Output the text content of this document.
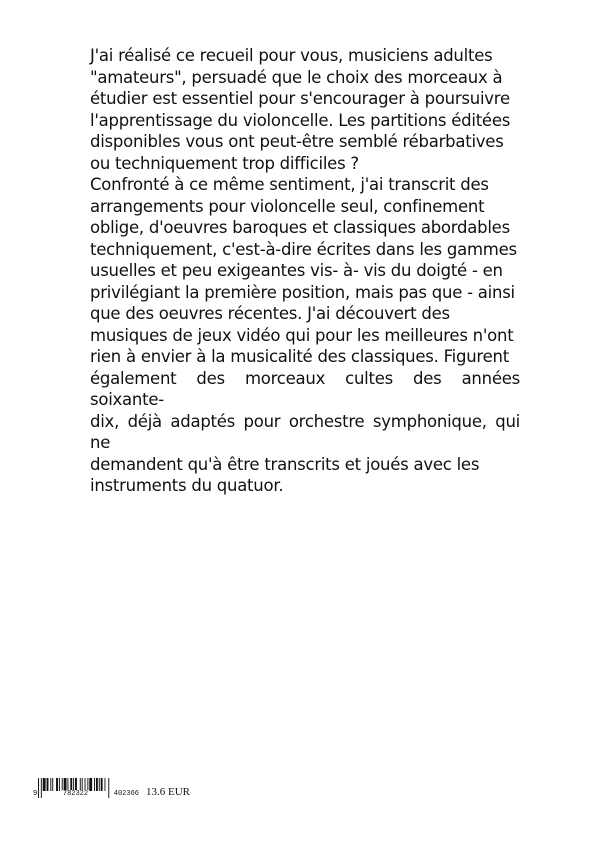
J'ai réalisé ce recueil pour vous, musiciens adultes
"amateurs", persuadé que le choix des morceaux à
étudier est essentiel pour s'encourager à poursuivre
l'apprentissage du violoncelle. Les partitions éditées
disponibles vous ont peut-être semblé rébarbatives
ou techniquement trop difficiles ?

Confronté à ce même sentiment, j'ai transcrit des
arrangements pour violoncelle seul, confinement
oblige, d'oeuvres baroques et classiques abordables
techniquement, c'est-à-dire écrites dans les gammes
usuelles et peu exigeantes vis- à- vis du doigté - en
privilégiant la première position, mais pas que - ainsi
que des oeuvres récentes. J'ai découvert des
musiques de jeux vidéo qui pour les meilleures n'ont
rien à envier à la musicalité des classiques. Figurent
également des morceaux cultes des années soixante-
dix, déjà adaptés pour orchestre symphonique, qui ne
demandent qu'à être transcrits et joués avec les
instruments du quatuor.

9	782322	402366 13.6 EUR
